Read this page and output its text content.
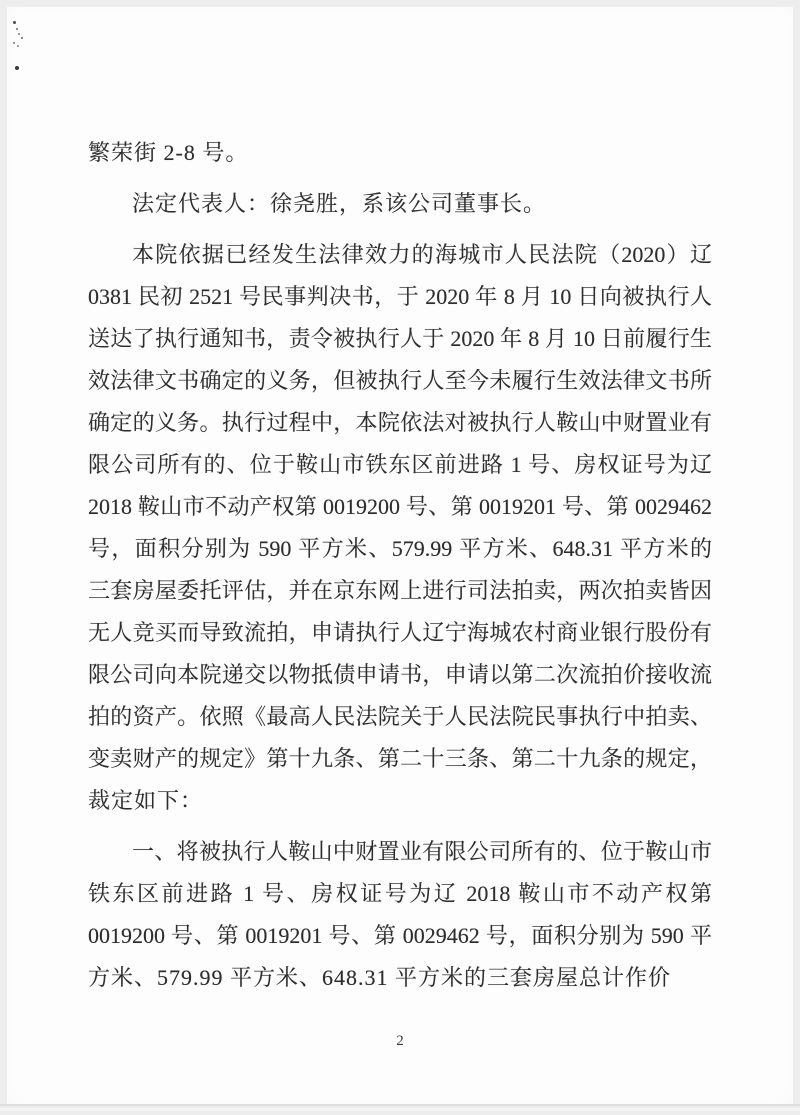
繁荣街 2-8 号。
法定代表人：徐尧胜，系该公司董事长。
本院依据已经发生法律效力的海城市人民法院（2020）辽
0381 民初 2521 号民事判决书，于 2020 年 8 月 10 日向被执行人
送达了执行通知书，责令被执行人于 2020 年 8 月 10 日前履行生
效法律文书确定的义务，但被执行人至今未履行生效法律文书所
确定的义务。执行过程中，本院依法对被执行人鞍山中财置业有
限公司所有的、位于鞍山市铁东区前进路 1 号、房权证号为辽
2018 鞍山市不动产权第 0019200 号、第 0019201 号、第 0029462
号，面积分别为 590 平方米、579.99 平方米、648.31 平方米的
三套房屋委托评估，并在京东网上进行司法拍卖，两次拍卖皆因
无人竞买而导致流拍，申请执行人辽宁海城农村商业银行股份有
限公司向本院递交以物抵债申请书，申请以第二次流拍价接收流
拍的资产。依照《最高人民法院关于人民法院民事执行中拍卖、
变卖财产的规定》第十九条、第二十三条、第二十九条的规定，
裁定如下：
一、将被执行人鞍山中财置业有限公司所有的、位于鞍山市
铁东区前进路 1 号、房权证号为辽 2018 鞍山市不动产权第
0019200 号、第 0019201 号、第 0029462 号，面积分别为 590 平
方米、579.99 平方米、648.31 平方米的三套房屋总计作价
2
